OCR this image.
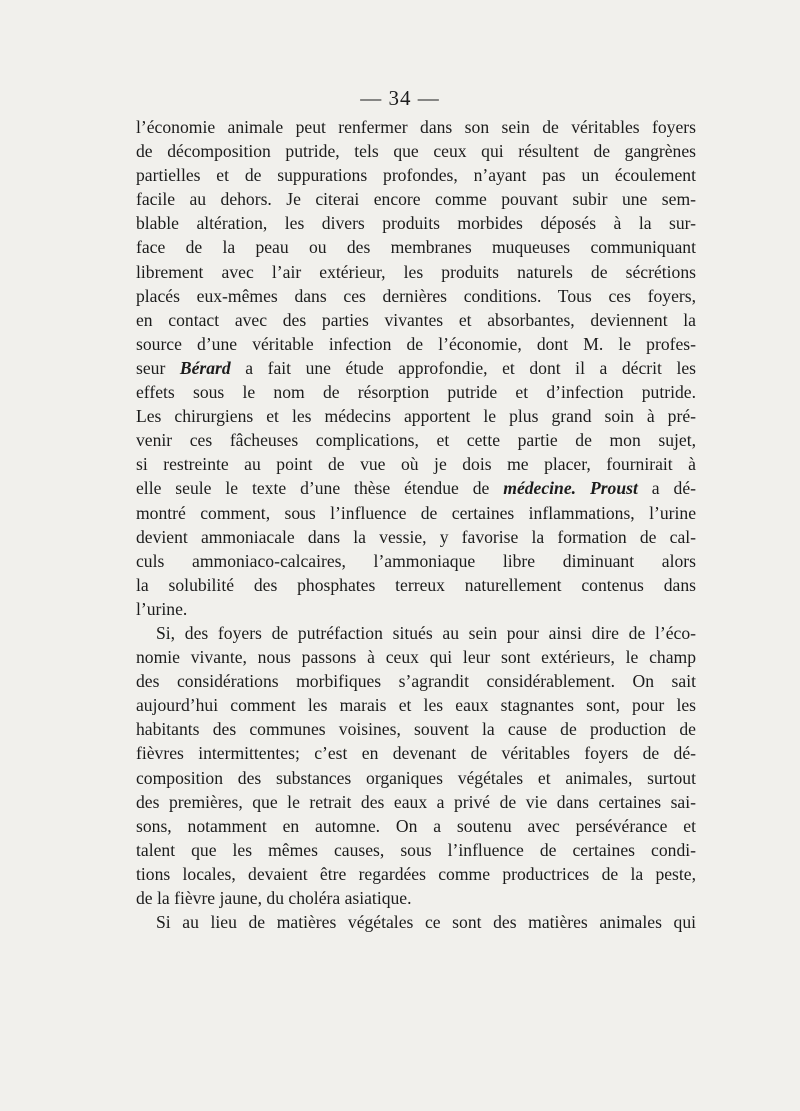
— 34 —
l’économie animale peut renfermer dans son sein de véritables foyers
de décomposition putride, tels que ceux qui résultent de gangrènes
partielles et de suppurations profondes, n’ayant pas un écoulement
facile au dehors. Je citerai encore comme pouvant subir une sem-
blable altération, les divers produits morbides déposés à la sur-
face de la peau ou des membranes muqueuses communiquant
librement avec l’air extérieur, les produits naturels de sécrétions
placés eux-mêmes dans ces dernières conditions. Tous ces foyers,
en contact avec des parties vivantes et absorbantes, deviennent la
source d’une véritable infection de l’économie, dont M. le profes-
seur Bérard a fait une étude approfondie, et dont il a décrit les
effets sous le nom de résorption putride et d’infection putride.
Les chirurgiens et les médecins apportent le plus grand soin à pré-
venir ces fâcheuses complications, et cette partie de mon sujet,
si restreinte au point de vue où je dois me placer, fournirait à
elle seule le texte d’une thèse étendue de médecine. Proust a dé-
montré comment, sous l’influence de certaines inflammations, l’urine
devient ammoniacale dans la vessie, y favorise la formation de cal-
culs ammoniaco-calcaires, l’ammoniaque libre diminuant alors
la solubilité des phosphates terreux naturellement contenus dans
l’urine.
Si, des foyers de putréfaction situés au sein pour ainsi dire de l’éco-
nomie vivante, nous passons à ceux qui leur sont extérieurs, le champ
des considérations morbifiques s’agrandit considérablement. On sait
aujourd’hui comment les marais et les eaux stagnantes sont, pour les
habitants des communes voisines, souvent la cause de production de
fièvres intermittentes; c’est en devenant de véritables foyers de dé-
composition des substances organiques végétales et animales, surtout
des premières, que le retrait des eaux a privé de vie dans certaines sai-
sons, notamment en automne. On a soutenu avec persévérance et
talent que les mêmes causes, sous l’influence de certaines condi-
tions locales, devaient être regardées comme productrices de la peste,
de la fièvre jaune, du choléra asiatique.
Si au lieu de matières végétales ce sont des matières animales qui
